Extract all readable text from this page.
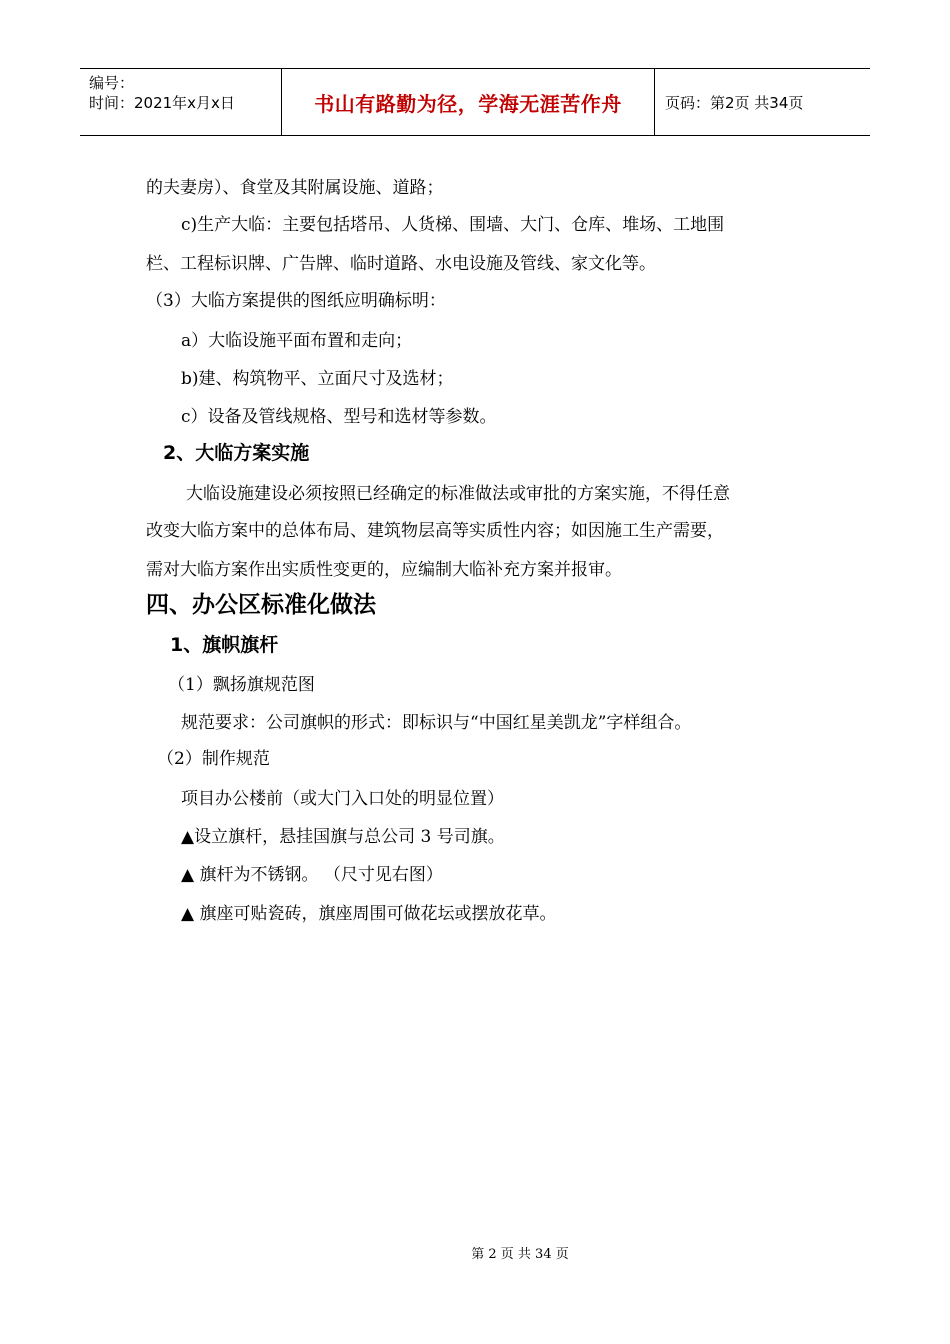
编号：
时间：2021年x月x日	书山有路勤为径，学海无涯苦作舟	页码：第2页 共34页
的夫妻房）、食堂及其附属设施、道路；
c)生产大临：主要包括塔吊、人货梯、围墙、大门、仓库、堆场、工地围
栏、工程标识牌、广告牌、临时道路、水电设施及管线、家文化等。
（3）大临方案提供的图纸应明确标明：
a）大临设施平面布置和走向；
b)建、构筑物平、立面尺寸及选材；
c）设备及管线规格、型号和选材等参数。
2、大临方案实施
大临设施建设必须按照已经确定的标准做法或审批的方案实施，不得任意
改变大临方案中的总体布局、建筑物层高等实质性内容；如因施工生产需要，
需对大临方案作出实质性变更的，应编制大临补充方案并报审。
四、办公区标准化做法
1、旗帜旗杆
（1）飘扬旗规范图
规范要求：公司旗帜的形式：即标识与“中国红星美凯龙”字样组合。
（2）制作规范
项目办公楼前（或大门入口处的明显位置）
▲设立旗杆，悬挂国旗与总公司 3 号司旗。
▲ 旗杆为不锈钢。 （尺寸见右图）
▲ 旗座可贴瓷砖，旗座周围可做花坛或摆放花草。
第 2 页 共 34 页
